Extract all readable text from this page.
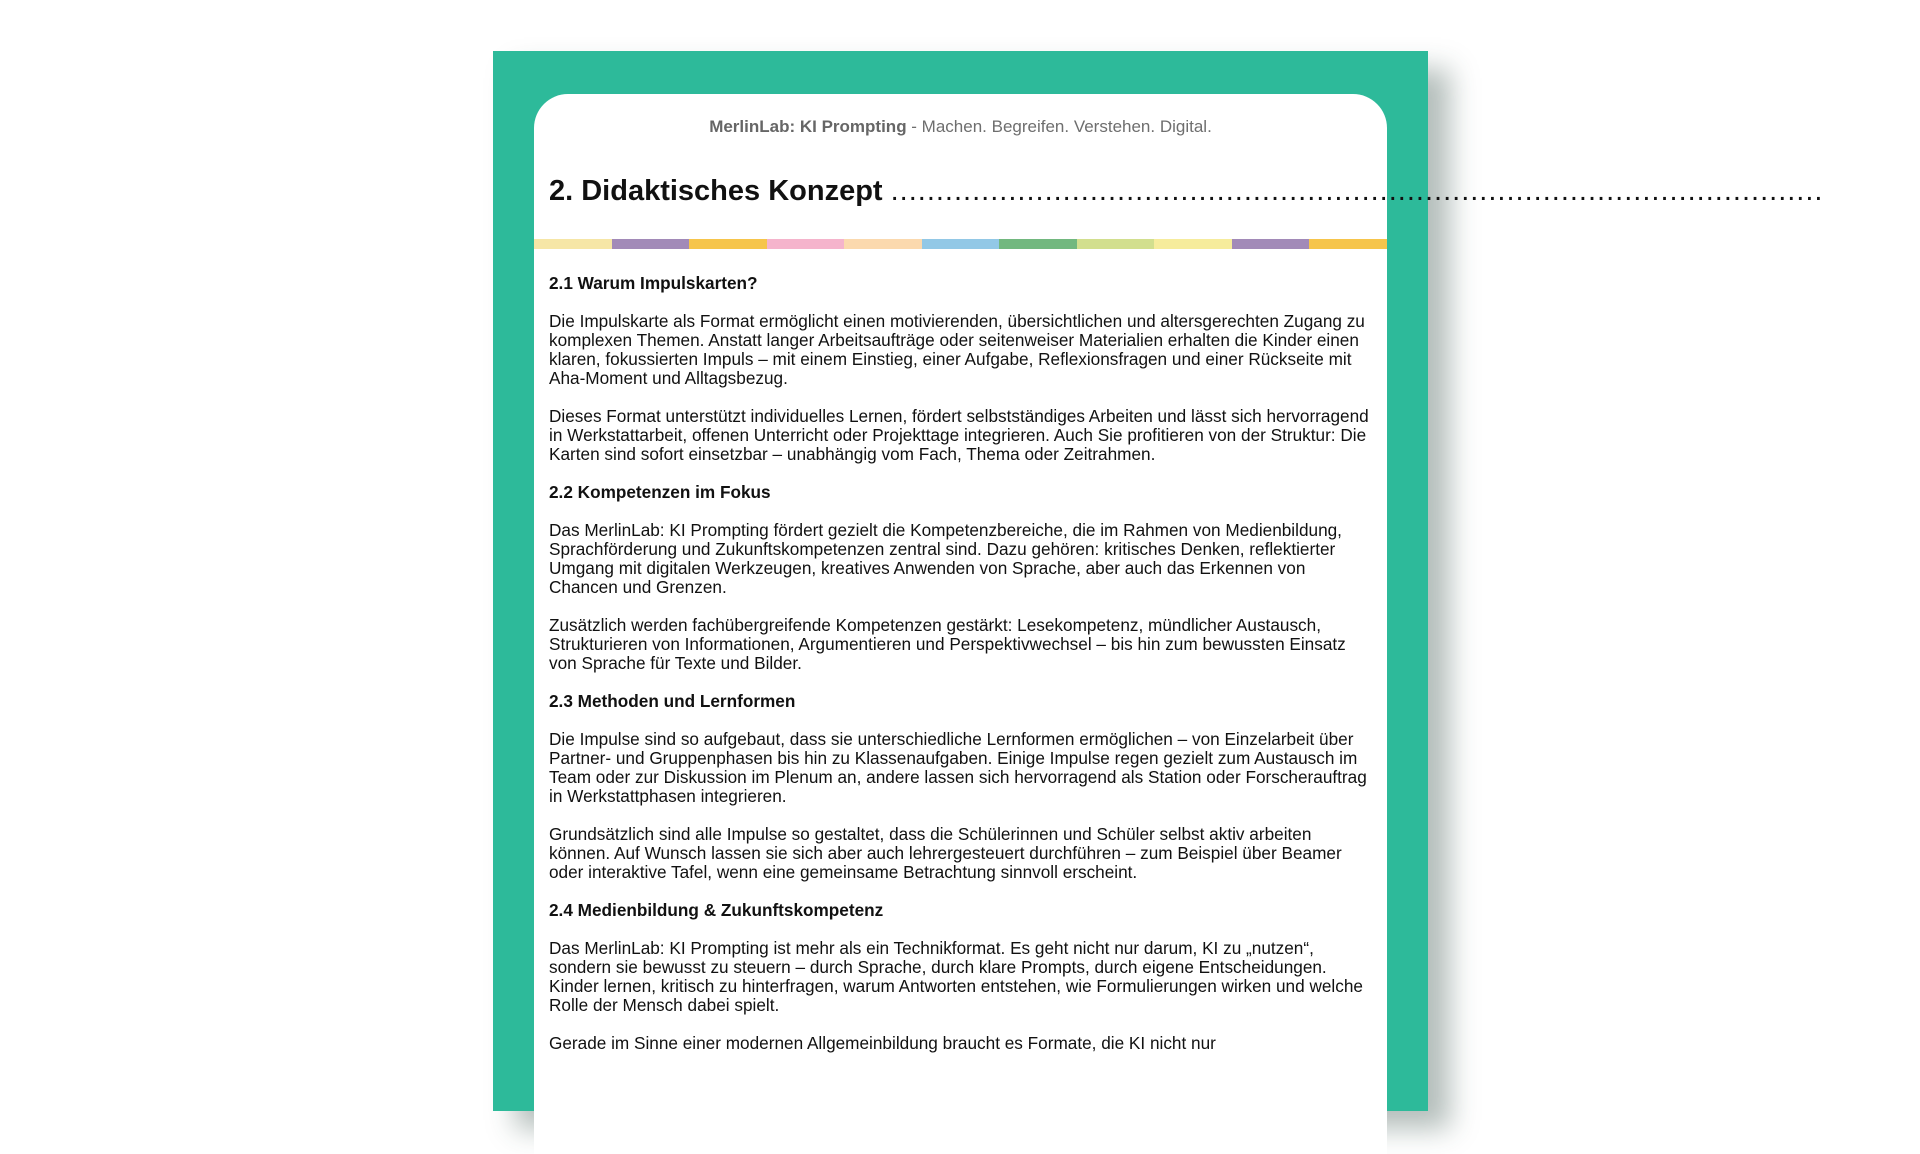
MerlinLab: KI Prompting - Machen. Begreifen. Verstehen. Digital.
2. Didaktisches Konzept .......................................................................................................
2.1 Warum Impulskarten?

Die Impulskarte als Format ermöglicht einen motivierenden, übersichtlichen und altersgerechten Zugang zu komplexen Themen. Anstatt langer Arbeitsaufträge oder seitenweiser Materialien erhalten die Kinder einen klaren, fokussierten Impuls – mit einem Einstieg, einer Aufgabe, Reflexionsfragen und einer Rückseite mit Aha-Moment und Alltagsbezug.

Dieses Format unterstützt individuelles Lernen, fördert selbstständiges Arbeiten und lässt sich hervorragend in Werkstattarbeit, offenen Unterricht oder Projekttage integrieren. Auch Sie profitieren von der Struktur: Die Karten sind sofort einsetzbar – unabhängig vom Fach, Thema oder Zeitrahmen.

2.2 Kompetenzen im Fokus

Das MerlinLab: KI Prompting fördert gezielt die Kompetenzbereiche, die im Rahmen von Medienbildung, Sprachförderung und Zukunftskompetenzen zentral sind. Dazu gehören: kritisches Denken, reflektierter Umgang mit digitalen Werkzeugen, kreatives Anwenden von Sprache, aber auch das Erkennen von Chancen und Grenzen.

Zusätzlich werden fachübergreifende Kompetenzen gestärkt: Lesekompetenz, mündlicher Austausch, Strukturieren von Informationen, Argumentieren und Perspektivwechsel – bis hin zum bewussten Einsatz von Sprache für Texte und Bilder.

2.3 Methoden und Lernformen

Die Impulse sind so aufgebaut, dass sie unterschiedliche Lernformen ermöglichen – von Einzelarbeit über Partner- und Gruppenphasen bis hin zu Klassenaufgaben. Einige Impulse regen gezielt zum Austausch im Team oder zur Diskussion im Plenum an, andere lassen sich hervorragend als Station oder Forscherauftrag in Werkstattphasen integrieren.

Grundsätzlich sind alle Impulse so gestaltet, dass die Schülerinnen und Schüler selbst aktiv arbeiten können. Auf Wunsch lassen sie sich aber auch lehrergesteuert durchführen – zum Beispiel über Beamer oder interaktive Tafel, wenn eine gemeinsame Betrachtung sinnvoll erscheint.

2.4 Medienbildung & Zukunftskompetenz

Das MerlinLab: KI Prompting ist mehr als ein Technikformat. Es geht nicht nur darum, KI zu „nutzen“, sondern sie bewusst zu steuern – durch Sprache, durch klare Prompts, durch eigene Entscheidungen. Kinder lernen, kritisch zu hinterfragen, warum Antworten entstehen, wie Formulierungen wirken und welche Rolle der Mensch dabei spielt.

Gerade im Sinne einer modernen Allgemeinbildung braucht es Formate, die KI nicht nur
